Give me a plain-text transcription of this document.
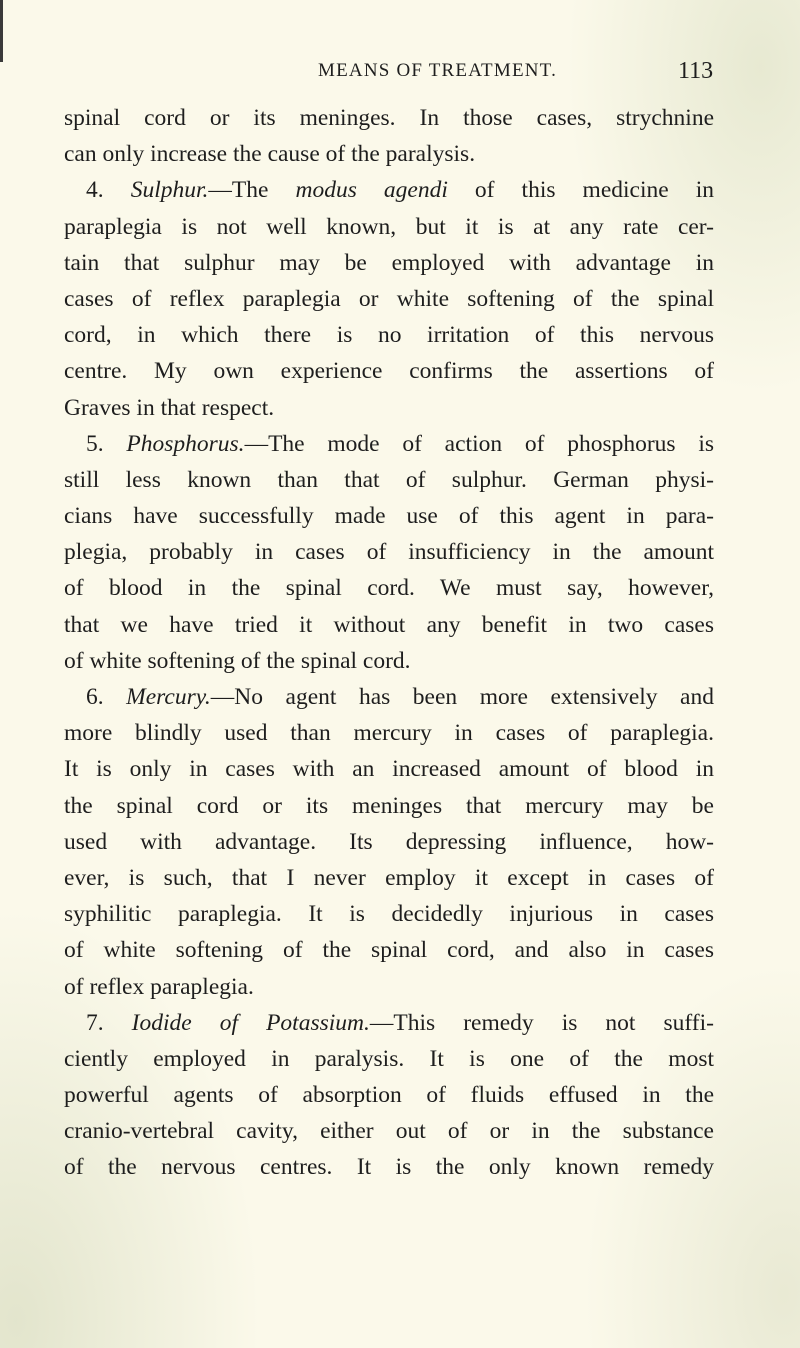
MEANS OF TREATMENT.	113
spinal cord or its meninges. In those cases, strychnine
can only increase the cause of the paralysis.
4. Sulphur.—The modus agendi of this medicine in
paraplegia is not well known, but it is at any rate cer-
tain that sulphur may be employed with advantage in
cases of reflex paraplegia or white softening of the spinal
cord, in which there is no irritation of this nervous
centre. My own experience confirms the assertions of
Graves in that respect.
5. Phosphorus.—The mode of action of phosphorus is
still less known than that of sulphur. German physi-
cians have successfully made use of this agent in para-
plegia, probably in cases of insufficiency in the amount
of blood in the spinal cord. We must say, however,
that we have tried it without any benefit in two cases
of white softening of the spinal cord.
6. Mercury.—No agent has been more extensively and
more blindly used than mercury in cases of paraplegia.
It is only in cases with an increased amount of blood in
the spinal cord or its meninges that mercury may be
used with advantage. Its depressing influence, how-
ever, is such, that I never employ it except in cases of
syphilitic paraplegia. It is decidedly injurious in cases
of white softening of the spinal cord, and also in cases
of reflex paraplegia.
7. Iodide of Potassium.—This remedy is not suffi-
ciently employed in paralysis. It is one of the most
powerful agents of absorption of fluids effused in the
cranio-vertebral cavity, either out of or in the substance
of the nervous centres. It is the only known remedy
